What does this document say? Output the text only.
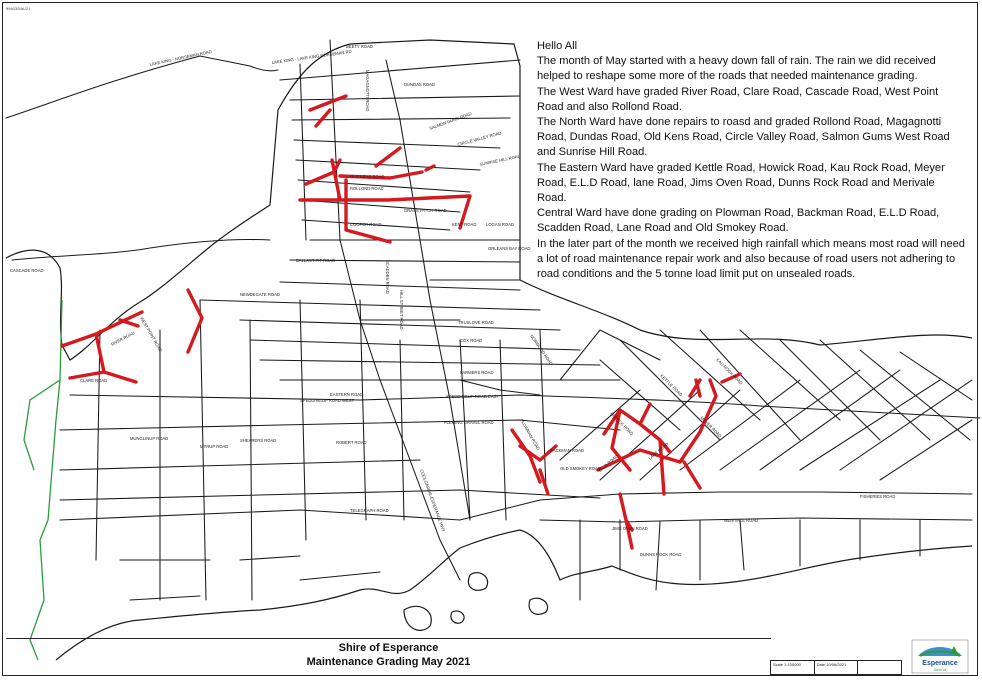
LAKE KING - NORSEMAN ROAD	LAKE KING - LAKE KING NORSEMAN RD
BEETY ROAD
MAGAGNOTTI ROAD	DUNDAS ROAD
OLD KENS ROAD
SALMON GUMS ROAD
CIRCLE VALLEY ROAD
SUNRISE HILL ROAD
ROLLOND ROAD
GRASS PATCH ROAD
COOPER ROAD
SCADDEN ROAD
ORLEANS BAY ROAD
KENT ROAD LOGAN ROAD
CASCADE ROAD
RIVER ROAD
CLARE ROAD
WEST POINT ROAD
HOWICK ROAD
KETTLE ROAD
MEYER ROAD
KAU ROCK ROAD
E.L.D ROAD
LANE ROAD
JIMS OVEN ROAD
DUNNS ROCK ROAD
MERIVALE ROAD
PLOWMAN ROAD BACKMAN ROAD
OLD SMOKEY ROAD
FLEMING GRAVEL ROAD
SPEDDINGUP ROAD WEST
SPEDDINGUP ROAD EAST
TELEGRAPH ROAD
FISHERIES ROAD
MYRUP ROAD
COOLGARDIE-ESPERANCE HWY
NEWDEGATE ROAD
BALLAST PIT ROAD
EASTERN ROAD
NORWOOD ROAD
FARMERS ROAD
MUNGLINUP ROAD	SHEARERS ROAD
HILL STREET ROAD	TRUSLOVE ROAD
COX ROAD
ROBERT ROAD
99403/5AU21

Hello All

The month of May started with a heavy down fall of rain. The rain we did received helped to reshape some more of the roads that needed maintenance grading.

The West Ward have graded River Road, Clare Road, Cascade Road, West Point Road and also Rollond Road.

The North Ward have done repairs to roasd and graded Rollond Road, Magagnotti Road, Dundas Road, Old Kens Road, Circle Valley Road, Salmon Gums West Road and Sunrise Hill Road.

The Eastern Ward have graded Kettle Road, Howick Road, Kau Rock Road, Meyer Road, E.L.D Road, lane Road, Jims Oven Road, Dunns Rock Road and Merivale Road.

Central Ward have done grading on Plowman Road, Backman Road, E.L.D Road, Scadden Road, Lane Road and Old Smokey Road.

In the later part of the month we received high rainfall which means most road will need a lot of road maintenance repair work and also because of road users not adhering to road conditions and the 5 tonne load limit put on unsealed roads.

Shire of Esperance
Maintenance Grading May 2021	Scale 1:100000	Date 10/06/2021	Esperance
Shire of
